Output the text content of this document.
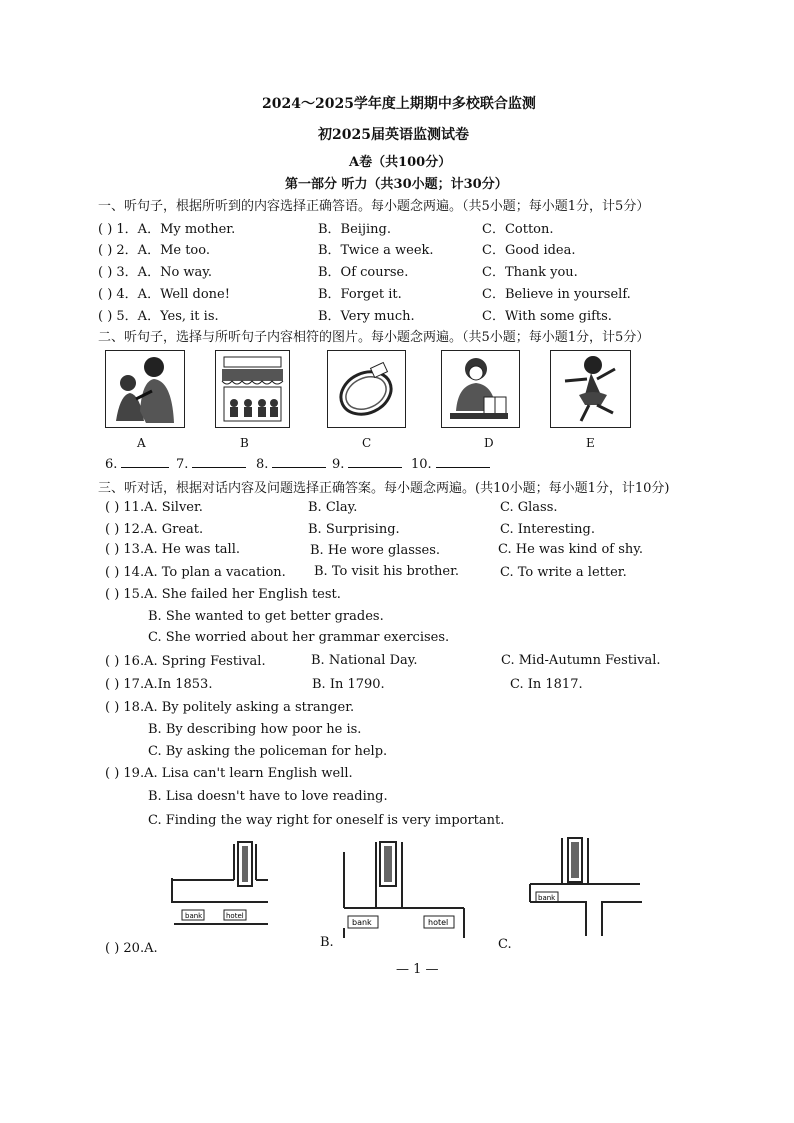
2024～2025学年度上期期中多校联合监测
初2025届英语监测试卷
A卷（共100分）
第一部分 听力（共30小题；计30分）
一、听句子，根据所听到的内容选择正确答语。每小题念两遍。（共5小题；每小题1分，计5分）
( ) 1．A．My mother.	B．Beijing.	C．Cotton.
( ) 2．A．Me too.	B．Twice a week.	C．Good idea.
( ) 3．A．No way.	B．Of course.	C．Thank you.
( ) 4．A．Well done!	B．Forget it.	C．Believe in yourself.
( ) 5．A．Yes, it is.	B．Very much.	C．With some gifts.
二、听句子，选择与所听句子内容相符的图片。每小题念两遍。（共5小题；每小题1分，计5分）
A	B	C	D	E
6.	7.	8.	9.	10.
三、听对话，根据对话内容及问题选择正确答案。每小题念两遍。(共10小题；每小题1分，计10分)
( ) 11.A. Silver.	B. Clay.	C. Glass.
( ) 12.A. Great.	B. Surprising.	C. Interesting.
( ) 13.A. He was tall.	B. He wore glasses.	C. He was kind of shy.
( ) 14.A. To plan a vacation. B. To visit his brother.	C. To write a letter.
( ) 15.A. She failed her English test.
B. She wanted to get better grades.
C. She worried about her grammar exercises.
( ) 16.A. Spring Festival.	B. National Day.	C. Mid-Autumn Festival.
( ) 17.A.In 1853.	B. In 1790.	C. In 1817.
( ) 18.A. By politely asking a stranger.
B. By describing how poor he is.
C. By asking the policeman for help.
( ) 19.A. Lisa can't learn English well.
B. Lisa doesn't have to love reading.
C. Finding the way right for oneself is very important.
bank	hotel
( ) 20.A.
bank	hotel
B.
bank
C.
— 1 —
